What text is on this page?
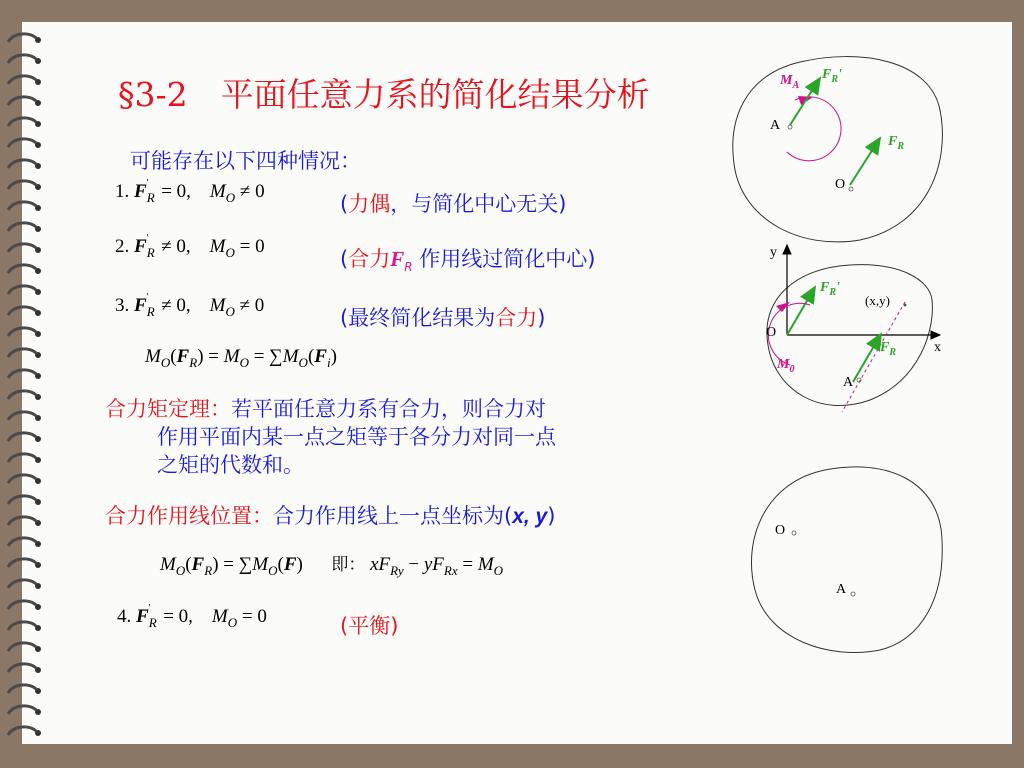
§3-2　平面任意力系的简化结果分析
可能存在以下四种情况：
1. $F_R' = 0$, $M_O \ne 0$
(力偶，与简化中心无关)
2. $F_R' \ne 0$, $M_O = 0$
(合力$F_R$ 作用线过简化中心)
3. $F_R' \ne 0$, $M_O \ne 0$
(最终简化结果为合力)
$M_O(F_R) = M_O = \sum M_O(F_i)$
合力矩定理：若平面任意力系有合力，则合力对
作用平面内某一点之矩等于各分力对同一点
之矩的代数和。
合力作用线位置：合力作用线上一点坐标为(x, y)
$M_O(F_R) = \sum M_O(F)$      即： $xF_{Ry} - yF_{Rx} = M_O$
4. $F_R' = 0$, $M_O = 0$	(平衡)
$M_A$
$F_R'$
A
$F_R$
O
y
$F_R'$
(x,y)
O
x
$F_R$
$M_0$
A
O
A
